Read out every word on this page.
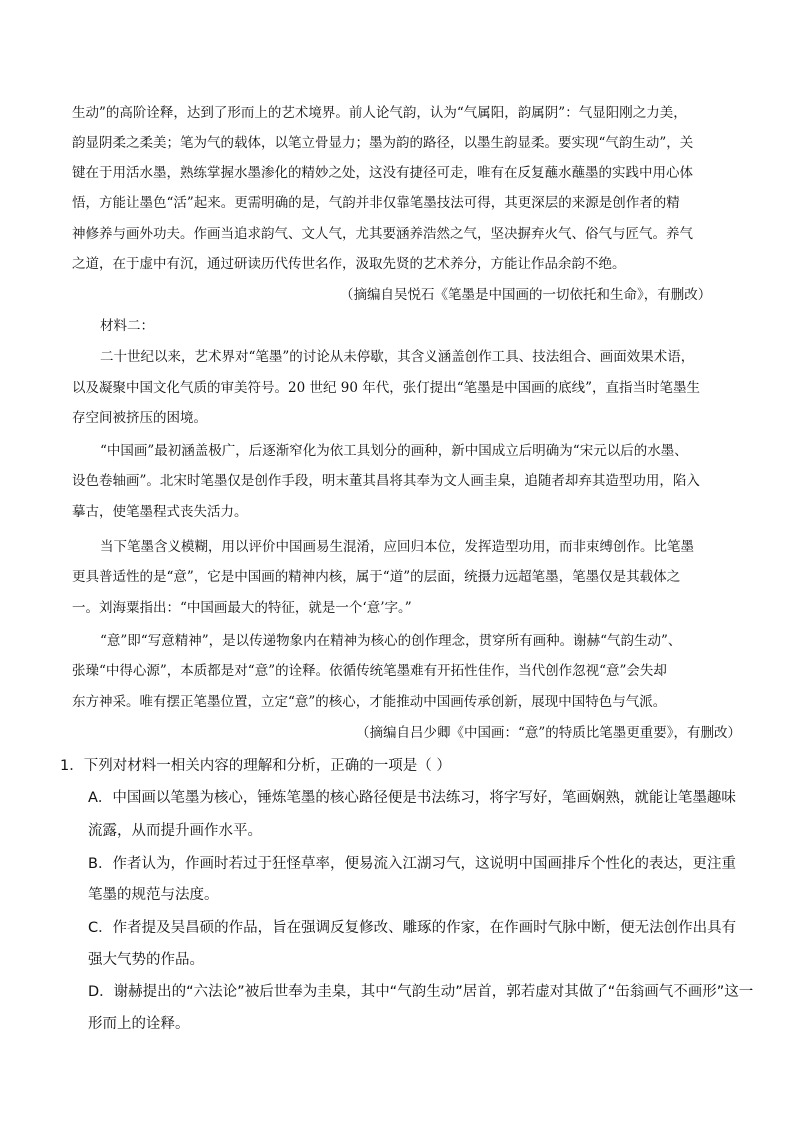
生动”的高阶诠释，达到了形而上的艺术境界。前人论气韵，认为“气属阳，韵属阴”：气显阳刚之力美，
韵显阴柔之柔美；笔为气的载体，以笔立骨显力；墨为韵的路径，以墨生韵显柔。要实现“气韵生动”，关
键在于用活水墨，熟练掌握水墨渗化的精妙之处，这没有捷径可走，唯有在反复蘸水蘸墨的实践中用心体
悟，方能让墨色“活”起来。更需明确的是，气韵并非仅靠笔墨技法可得，其更深层的来源是创作者的精
神修养与画外功夫。作画当追求韵气、文人气，尤其要涵养浩然之气，坚决摒弃火气、俗气与匠气。养气
之道，在于虚中有沉，通过研读历代传世名作，汲取先贤的艺术养分，方能让作品余韵不绝。
（摘编自吴悦石《笔墨是中国画的一切依托和生命》，有删改）
材料二：
二十世纪以来，艺术界对“笔墨”的讨论从未停歇，其含义涵盖创作工具、技法组合、画面效果术语，
以及凝聚中国文化气质的审美符号。20 世纪 90 年代，张仃提出“笔墨是中国画的底线”，直指当时笔墨生
存空间被挤压的困境。
“中国画”最初涵盖极广，后逐渐窄化为依工具划分的画种，新中国成立后明确为“宋元以后的水墨、
设色卷轴画”。北宋时笔墨仅是创作手段，明末董其昌将其奉为文人画圭臬，追随者却弃其造型功用，陷入
摹古，使笔墨程式丧失活力。
当下笔墨含义模糊，用以评价中国画易生混淆，应回归本位，发挥造型功用，而非束缚创作。比笔墨
更具普适性的是“意”，它是中国画的精神内核，属于“道”的层面，统摄力远超笔墨，笔墨仅是其载体之
一。刘海粟指出：“中国画最大的特征，就是一个‘意’字。”
“意”即“写意精神”，是以传递物象内在精神为核心的创作理念，贯穿所有画种。谢赫“气韵生动”、
张璪“中得心源”，本质都是对“意”的诠释。依循传统笔墨难有开拓性佳作，当代创作忽视“意”会失却
东方神采。唯有摆正笔墨位置，立定“意”的核心，才能推动中国画传承创新，展现中国特色与气派。
（摘编自吕少卿《中国画：“意”的特质比笔墨更重要》，有删改）
1．下列对材料一相关内容的理解和分析，正确的一项是（ ）
A．中国画以笔墨为核心，锤炼笔墨的核心路径便是书法练习，将字写好，笔画娴熟，就能让笔墨趣味
流露，从而提升画作水平。
B．作者认为，作画时若过于狂怪草率，便易流入江湖习气，这说明中国画排斥个性化的表达，更注重
笔墨的规范与法度。
C．作者提及吴昌硕的作品，旨在强调反复修改、雕琢的作家，在作画时气脉中断，便无法创作出具有
强大气势的作品。
D．谢赫提出的“六法论”被后世奉为圭臬，其中“气韵生动”居首，郭若虚对其做了“缶翁画气不画形”这一
形而上的诠释。
